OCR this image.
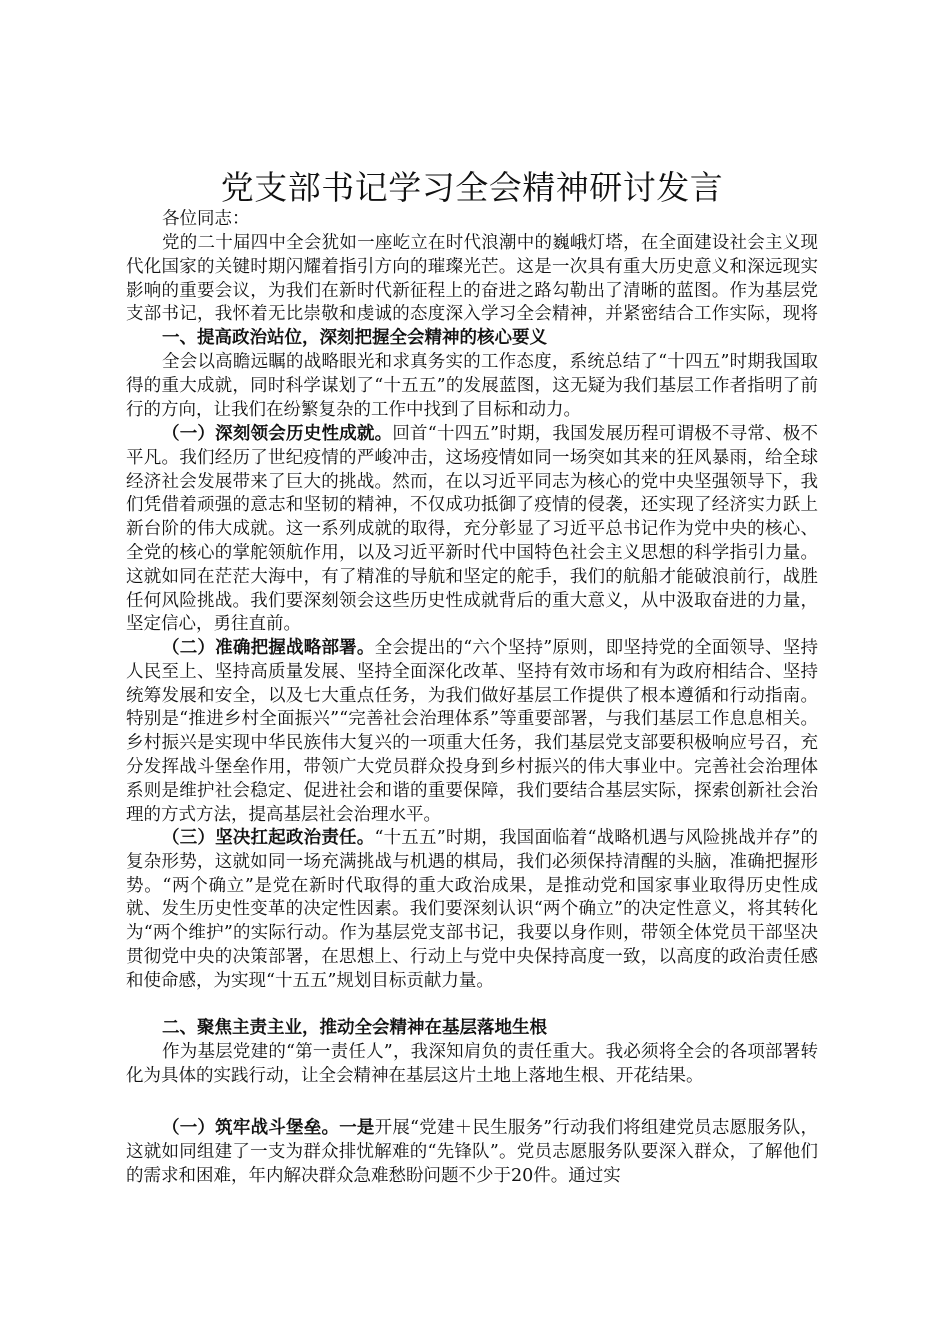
党支部书记学习全会精神研讨发言

各位同志：

党的二十届四中全会犹如一座屹立在时代浪潮中的巍峨灯塔，在全面建设社会主义现代化国家的关键时期闪耀着指引方向的璀璨光芒。这是一次具有重大历史意义和深远现实影响的重要会议，为我们在新时代新征程上的奋进之路勾勒出了清晰的蓝图。作为基层党支部书记，我怀着无比崇敬和虔诚的态度深入学习全会精神，并紧密结合工作实际，现将

一、提高政治站位，深刻把握全会精神的核心要义

全会以高瞻远瞩的战略眼光和求真务实的工作态度，系统总结了“十四五”时期我国取得的重大成就，同时科学谋划了“十五五”的发展蓝图，这无疑为我们基层工作者指明了前行的方向，让我们在纷繁复杂的工作中找到了目标和动力。

（一）深刻领会历史性成就。回首“十四五”时期，我国发展历程可谓极不寻常、极不平凡。我们经历了世纪疫情的严峻冲击，这场疫情如同一场突如其来的狂风暴雨，给全球经济社会发展带来了巨大的挑战。然而，在以习近平同志为核心的党中央坚强领导下，我们凭借着顽强的意志和坚韧的精神，不仅成功抵御了疫情的侵袭，还实现了经济实力跃上新台阶的伟大成就。这一系列成就的取得，充分彰显了习近平总书记作为党中央的核心、全党的核心的掌舵领航作用，以及习近平新时代中国特色社会主义思想的科学指引力量。这就如同在茫茫大海中，有了精准的导航和坚定的舵手，我们的航船才能破浪前行，战胜任何风险挑战。我们要深刻领会这些历史性成就背后的重大意义，从中汲取奋进的力量，坚定信心，勇往直前。

（二）准确把握战略部署。全会提出的“六个坚持”原则，即坚持党的全面领导、坚持人民至上、坚持高质量发展、坚持全面深化改革、坚持有效市场和有为政府相结合、坚持统筹发展和安全，以及七大重点任务，为我们做好基层工作提供了根本遵循和行动指南。特别是“推进乡村全面振兴”“完善社会治理体系”等重要部署，与我们基层工作息息相关。乡村振兴是实现中华民族伟大复兴的一项重大任务，我们基层党支部要积极响应号召，充分发挥战斗堡垒作用，带领广大党员群众投身到乡村振兴的伟大事业中。完善社会治理体系则是维护社会稳定、促进社会和谐的重要保障，我们要结合基层实际，探索创新社会治理的方式方法，提高基层社会治理水平。

（三）坚决扛起政治责任。“十五五”时期，我国面临着“战略机遇与风险挑战并存”的复杂形势，这就如同一场充满挑战与机遇的棋局，我们必须保持清醒的头脑，准确把握形势。“两个确立”是党在新时代取得的重大政治成果，是推动党和国家事业取得历史性成就、发生历史性变革的决定性因素。我们要深刻认识“两个确立”的决定性意义，将其转化为“两个维护”的实际行动。作为基层党支部书记，我要以身作则，带领全体党员干部坚决贯彻党中央的决策部署，在思想上、行动上与党中央保持高度一致，以高度的政治责任感和使命感，为实现“十五五”规划目标贡献力量。

二、聚焦主责主业，推动全会精神在基层落地生根

作为基层党建的“第一责任人”，我深知肩负的责任重大。我必须将全会的各项部署转化为具体的实践行动，让全会精神在基层这片土地上落地生根、开花结果。

（一）筑牢战斗堡垒。一是开展“党建＋民生服务”行动我们将组建党员志愿服务队，这就如同组建了一支为群众排忧解难的“先锋队”。党员志愿服务队要深入群众，了解他们的需求和困难，年内解决群众急难愁盼问题不少于20件。通过实
